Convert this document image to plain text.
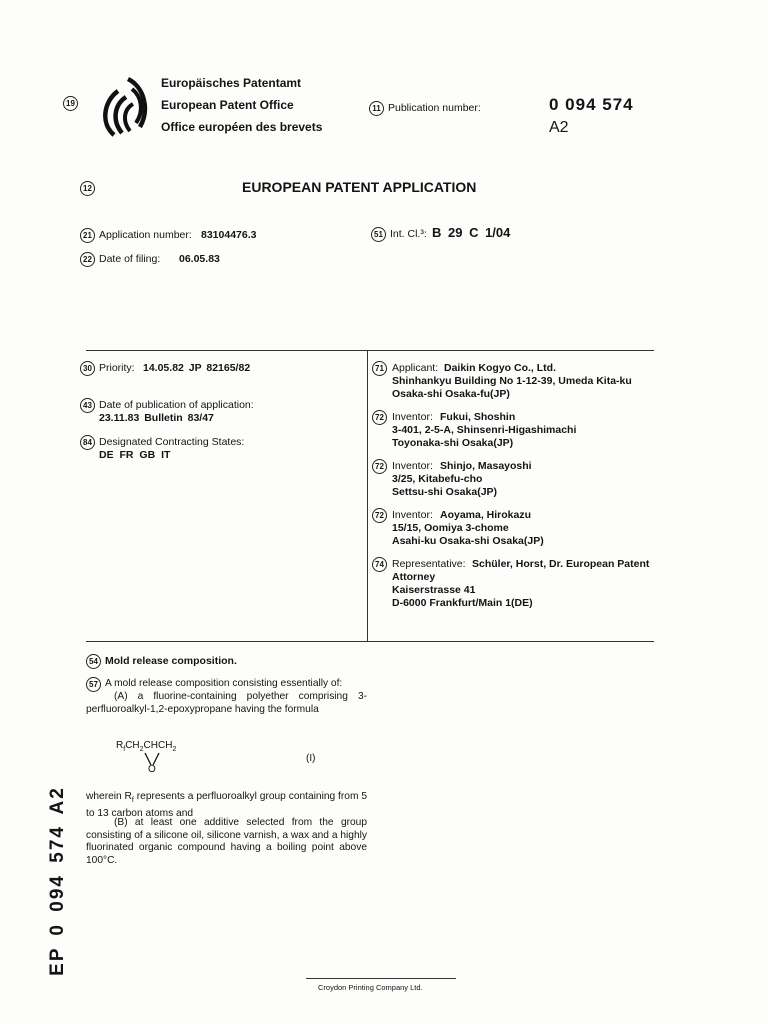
19
Europäisches Patentamt
European Patent Office
Office européen des brevets
11 Publication number:	0 094 574
A2
12	EUROPEAN PATENT APPLICATION
21 Application number: 83104476.3	51 Int. Cl.³: B 29 C 1/04
22 Date of filing: 06.05.83
30 Priority: 14.05.82 JP 82165/82
43 Date of publication of application:
23.11.83 Bulletin 83/47
84 Designated Contracting States:
DE FR GB IT
71 Applicant: Daikin Kogyo Co., Ltd.
Shinhankyu Building No 1-12-39, Umeda Kita-ku
Osaka-shi Osaka-fu(JP)
72 Inventor: Fukui, Shoshin
3-401, 2-5-A, Shinsenri-Higashimachi
Toyonaka-shi Osaka(JP)
72 Inventor: Shinjo, Masayoshi
3/25, Kitabefu-cho
Settsu-shi Osaka(JP)
72 Inventor: Aoyama, Hirokazu
15/15, Oomiya 3-chome
Asahi-ku Osaka-shi Osaka(JP)
74 Representative: Schüler, Horst, Dr. European Patent
Attorney
Kaiserstrasse 41
D-6000 Frankfurt/Main 1(DE)
54 Mold release composition.
57 A mold release composition consisting essentially of:
(A) a fluorine-containing polyether comprising 3-perfluoroalkyl-1,2-epoxypropane having the formula
$R_fCH_2CHCH_2$
O
(I)
wherein $R_f$ represents a perfluoroalkyl group containing from 5 to 13 carbon atoms and
(B) at least one additive selected from the group consisting of a silicone oil, silicone varnish, a wax and a highly fluorinated organic compound having a boiling point above 100°C.
EP 0 094 574 A2
Croydon Printing Company Ltd.
